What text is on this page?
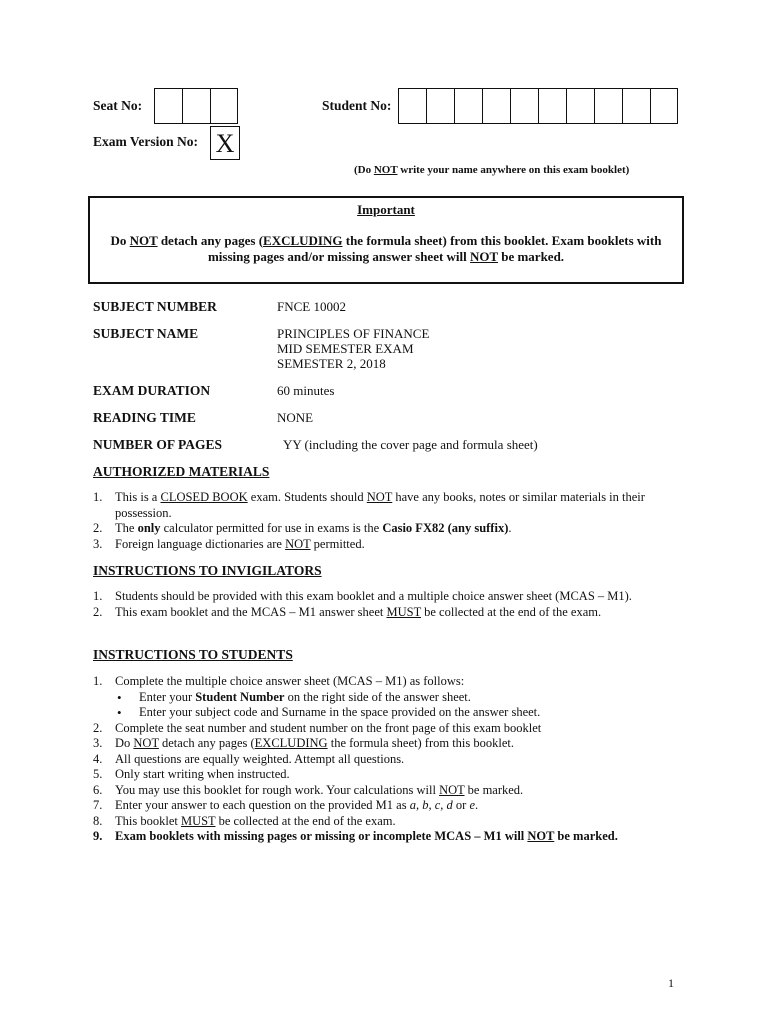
Seat No:	Student No:
Exam Version No: X
(Do NOT write your name anywhere on this exam booklet)
Important
Do NOT detach any pages (EXCLUDING the formula sheet) from this booklet. Exam booklets with missing pages and/or missing answer sheet will NOT be marked.
SUBJECT NUMBER	FNCE 10002
SUBJECT NAME	PRINCIPLES OF FINANCE
MID SEMESTER EXAM
SEMESTER 2, 2018
EXAM DURATION	60 minutes
READING TIME	NONE
NUMBER OF PAGES	YY (including the cover page and formula sheet)
AUTHORIZED MATERIALS
1. This is a CLOSED BOOK exam. Students should NOT have any books, notes or similar materials in their possession.
2. The only calculator permitted for use in exams is the Casio FX82 (any suffix).
3. Foreign language dictionaries are NOT permitted.
INSTRUCTIONS TO INVIGILATORS
1. Students should be provided with this exam booklet and a multiple choice answer sheet (MCAS – M1).
2. This exam booklet and the MCAS – M1 answer sheet MUST be collected at the end of the exam.
INSTRUCTIONS TO STUDENTS
1. Complete the multiple choice answer sheet (MCAS – M1) as follows:
• Enter your Student Number on the right side of the answer sheet.
• Enter your subject code and Surname in the space provided on the answer sheet.
2. Complete the seat number and student number on the front page of this exam booklet
3. Do NOT detach any pages (EXCLUDING the formula sheet) from this booklet.
4. All questions are equally weighted. Attempt all questions.
5. Only start writing when instructed.
6. You may use this booklet for rough work. Your calculations will NOT be marked.
7. Enter your answer to each question on the provided M1 as a, b, c, d or e.
8. This booklet MUST be collected at the end of the exam.
9. Exam booklets with missing pages or missing or incomplete MCAS – M1 will NOT be marked.
1
